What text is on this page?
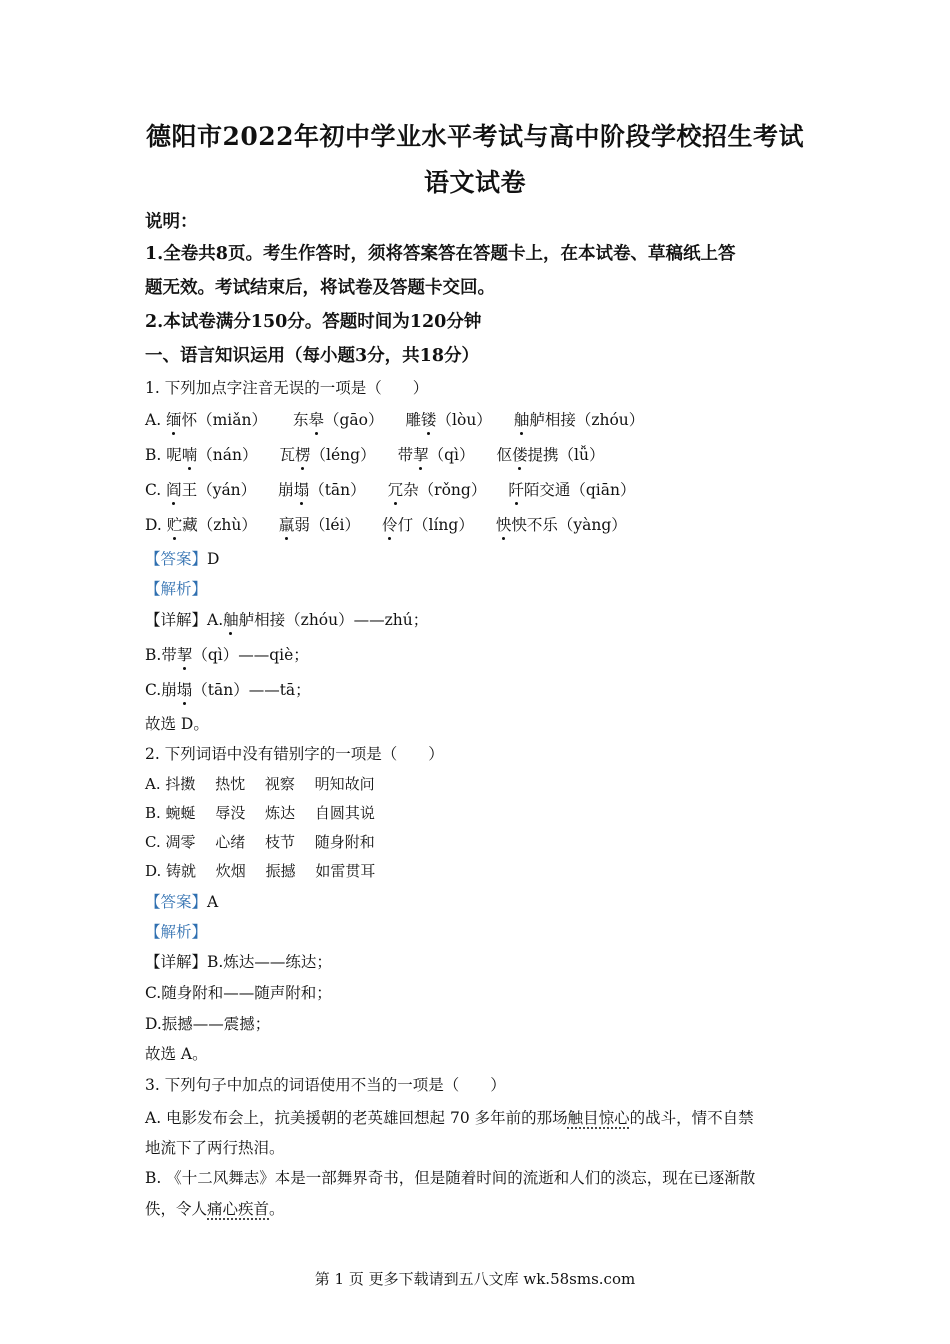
德阳市2022年初中学业水平考试与高中阶段学校招生考试
语文试卷
说明：
1.全卷共8页。考生作答时，须将答案答在答题卡上，在本试卷、草稿纸上答
题无效。考试结束后，将试卷及答题卡交回。
2.本试卷满分150分。答题时间为120分钟
一、语言知识运用（每小题3分，共18分）
1. 下列加点字注音无误的一项是（　　）
A. 缅怀（miǎn） 东皋（gāo） 雕镂（lòu） 舳舻相接（zhóu）
B. 呢喃（nán） 瓦楞（léng） 带挈（qì） 伛偻提携（lǚ）
C. 阎王（yán） 崩塌（tān） 冗杂（rǒng） 阡陌交通（qiān）
D. 贮藏（zhù） 羸弱（léi） 伶仃（líng） 怏怏不乐（yàng）
【答案】D
【解析】
【详解】A.舳舻相接（zhóu）——zhú；
B.带挈（qì）——qiè；
C.崩塌（tān）——tā；
故选 D。
2. 下列词语中没有错别字的一项是（　　）
A. 抖擞　 热忱　 视察　 明知故问
B. 蜿蜒　 辱没　 炼达　 自圆其说
C. 凋零　 心绪　 枝节　 随身附和
D. 铸就　 炊烟　 振撼　 如雷贯耳
【答案】A
【解析】
【详解】B.炼达——练达；
C.随身附和——随声附和；
D.振撼——震撼；
故选 A。
3. 下列句子中加点的词语使用不当的一项是（　　）
A. 电影发布会上，抗美援朝的老英雄回想起 70 多年前的那场触目惊心的战斗，情不自禁
地流下了两行热泪。
B. 《十二风舞志》本是一部舞界奇书，但是随着时间的流逝和人们的淡忘，现在已逐渐散
佚，令人痛心疾首。
第 1 页 更多下载请到五八文库 wk.58sms.com
